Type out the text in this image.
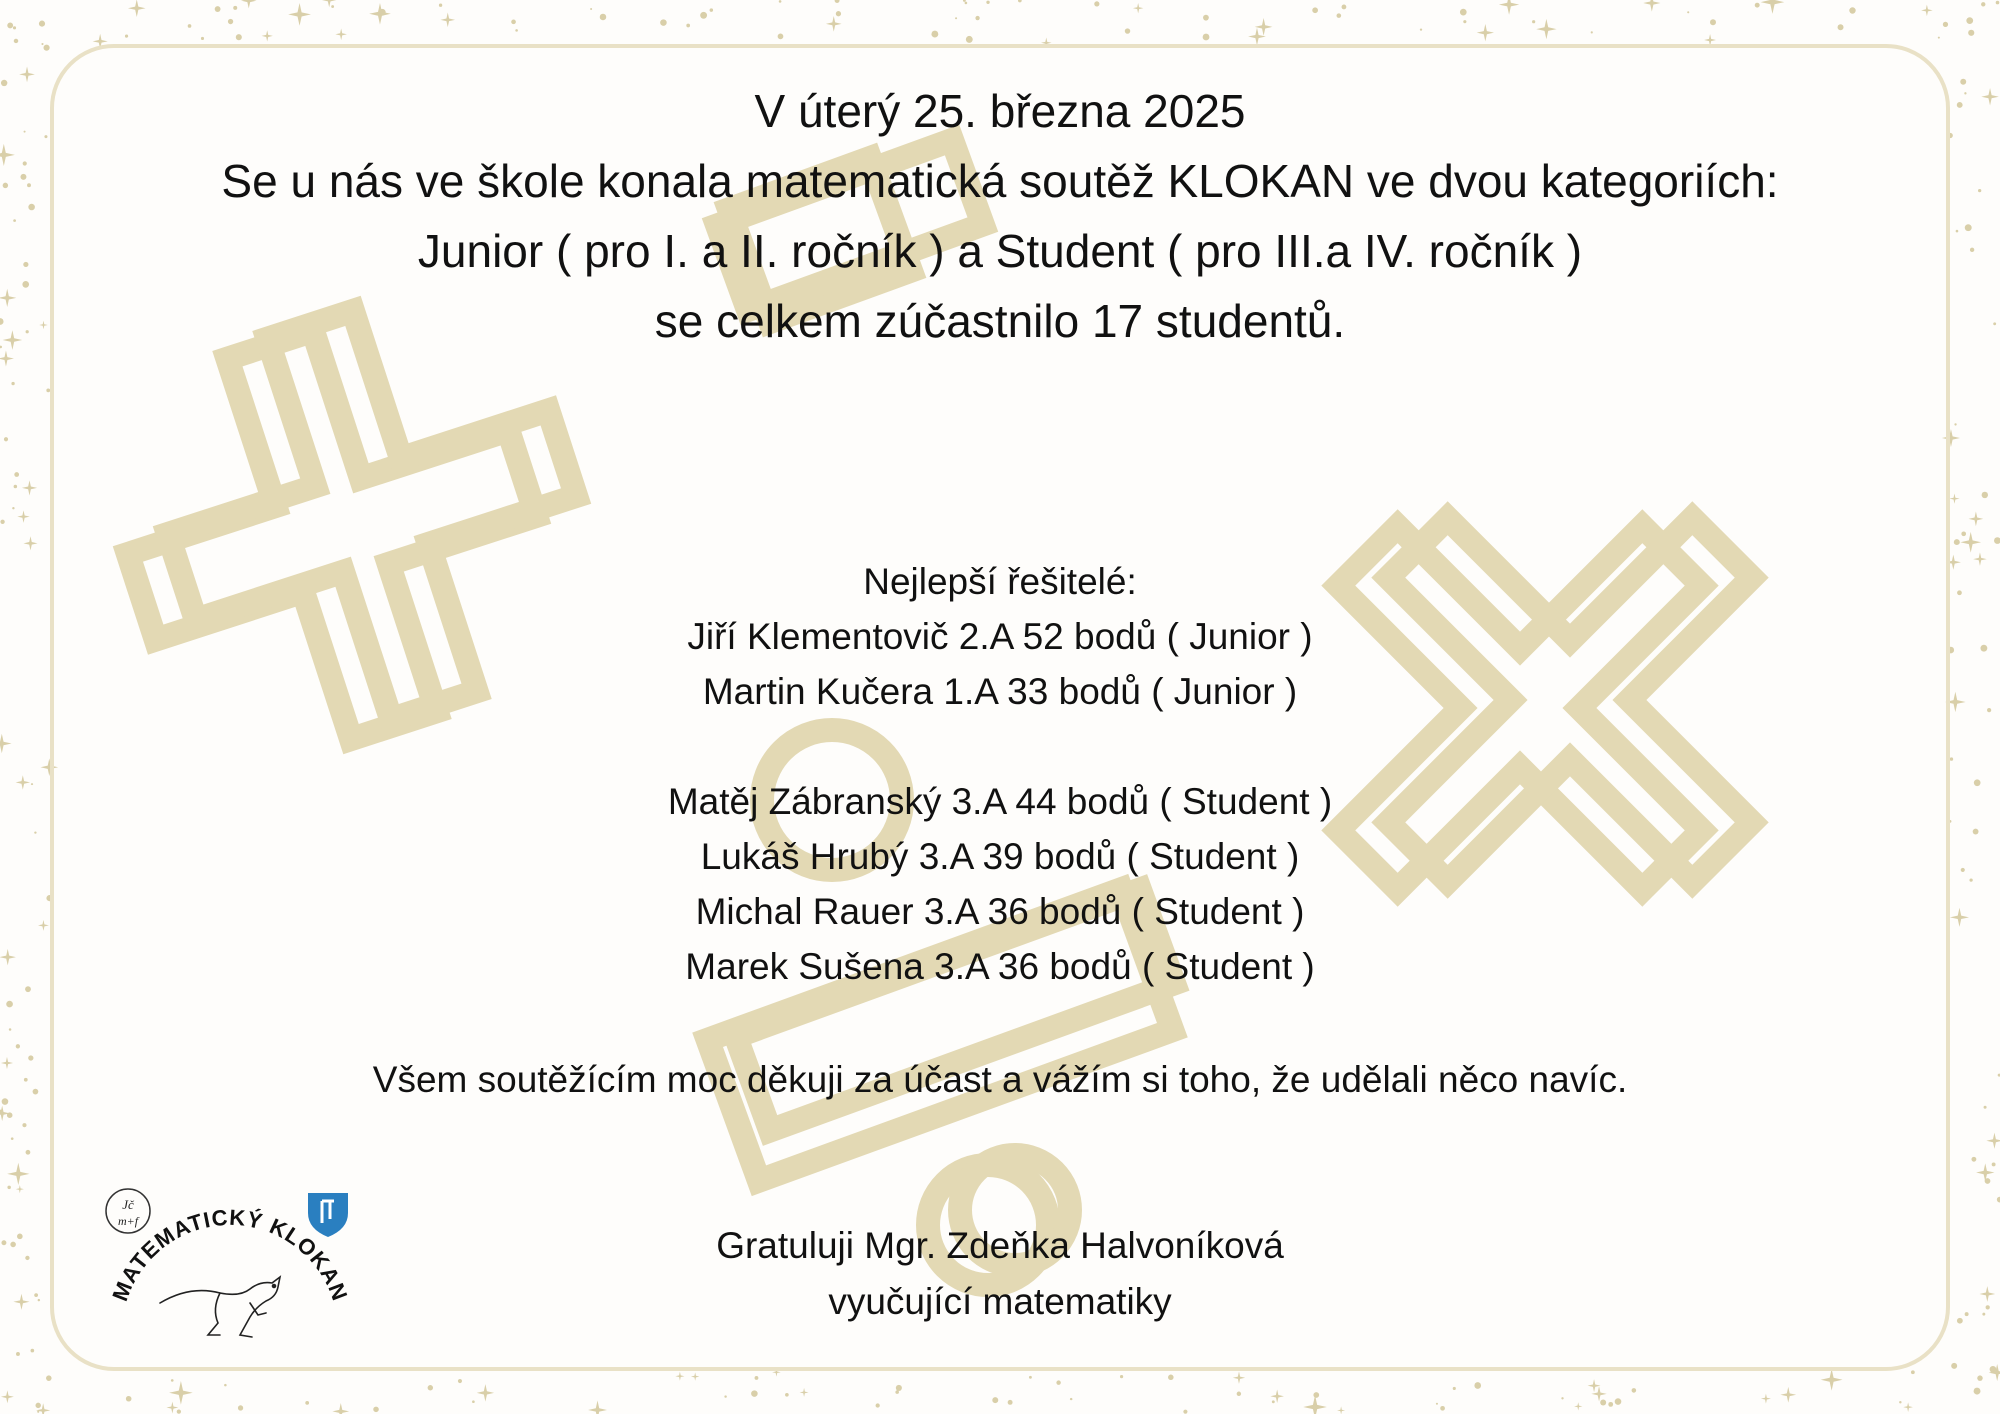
V úterý 25. března 2025
Se u nás ve škole konala matematická soutěž KLOKAN ve dvou kategoriích:
Junior ( pro I. a II. ročník ) a Student ( pro III.a IV. ročník )
se celkem zúčastnilo 17 studentů.
Nejlepší řešitelé:
Jiří Klementovič 2.A 52 bodů ( Junior )
Martin Kučera 1.A 33 bodů ( Junior )
Matěj Zábranský 3.A 44 bodů ( Student )
Lukáš Hrubý 3.A 39 bodů ( Student )
Michal Rauer 3.A 36 bodů ( Student )
Marek Sušena 3.A 36 bodů ( Student )
Všem soutěžícím moc děkuji za účast a vážím si toho, že udělali něco navíc.
Gratuluji Mgr. Zdeňka Halvoníková
vyučující matematiky
Jč
m+f
MATEMATICKÝ KLOKAN
